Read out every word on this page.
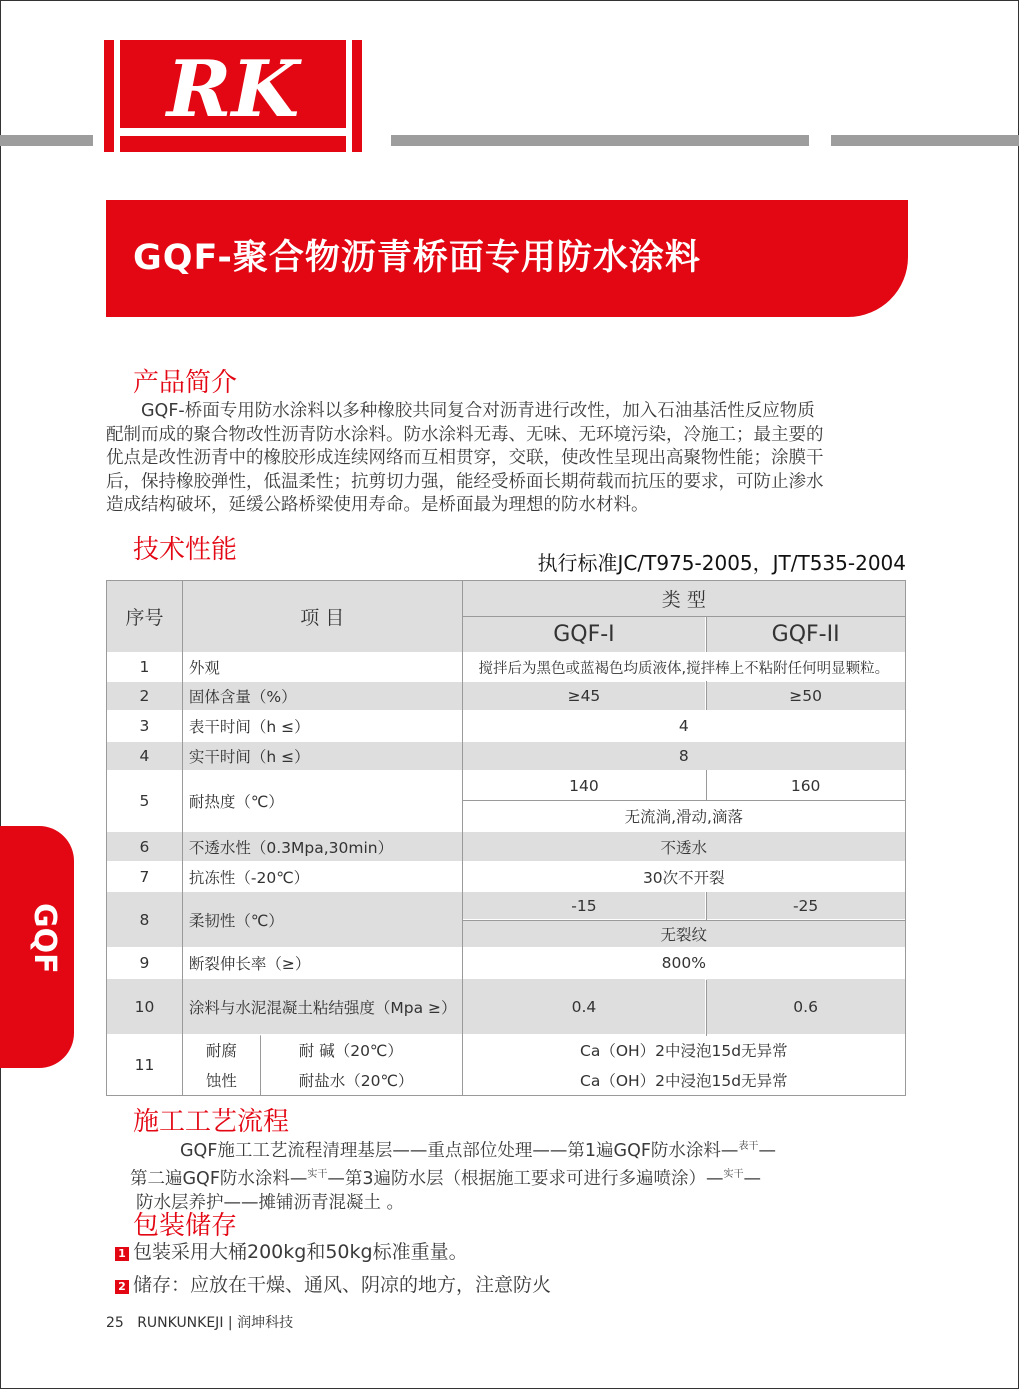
RK
GQF-聚合物沥青桥面专用防水涂料
产品简介
GQF-桥面专用防水涂料以多种橡胶共同复合对沥青进行改性，加入石油基活性反应物质
配制而成的聚合物改性沥青防水涂料。防水涂料无毒、无味、无环境污染，冷施工；最主要的
优点是改性沥青中的橡胶形成连续网络而互相贯穿，交联，使改性呈现出高聚物性能；涂膜干
后，保持橡胶弹性，低温柔性；抗剪切力强，能经受桥面长期荷载而抗压的要求，可防止渗水
造成结构破坏，延缓公路桥梁使用寿命。是桥面最为理想的防水材料。
技术性能	执行标准JC/T975-2005，JT/T535-2004
序号	项 目		类 型	
			GQF-I	GQF-II
1	外观		搅拌后为黑色或蓝褐色均质液体,搅拌棒上不粘附任何明显颗粒。	
2	固体含量（%）		≥45	≥50
3	表干时间（h ≤）		4	
4	实干时间（h ≤）		8	
5	耐热度（℃）		140	160
			无流淌,滑动,滴落	
6	不透水性（0.3Mpa,30min）		不透水	
7	抗冻性（-20℃）		30次不开裂	
8	柔韧性（℃）		-15	-25
			无裂纹	
9	断裂伸长率（≥）		800%	
10	涂料与水泥混凝土粘结强度（Mpa ≥）		0.4	0.6
11	耐腐	耐 碱（20℃）	Ca（OH）2中浸泡15d无异常	
	蚀性	耐盐水（20℃）	Ca（OH）2中浸泡15d无异常	
GQF
施工工艺流程
GQF施工工艺流程清理基层——重点部位处理——第1遍GQF防水涂料—$^{表干}$—
第二遍GQF防水涂料—$^{实干}$—第3遍防水层（根据施工要求可进行多遍喷涂）—$^{实干}$—
防水层养护——摊铺沥青混凝土 。
包装储存
1 包装采用大桶200kg和50kg标准重量。
2 储存：应放在干燥、通风、阴凉的地方，注意防火
25 RUNKUNKEJI | 润坤科技
